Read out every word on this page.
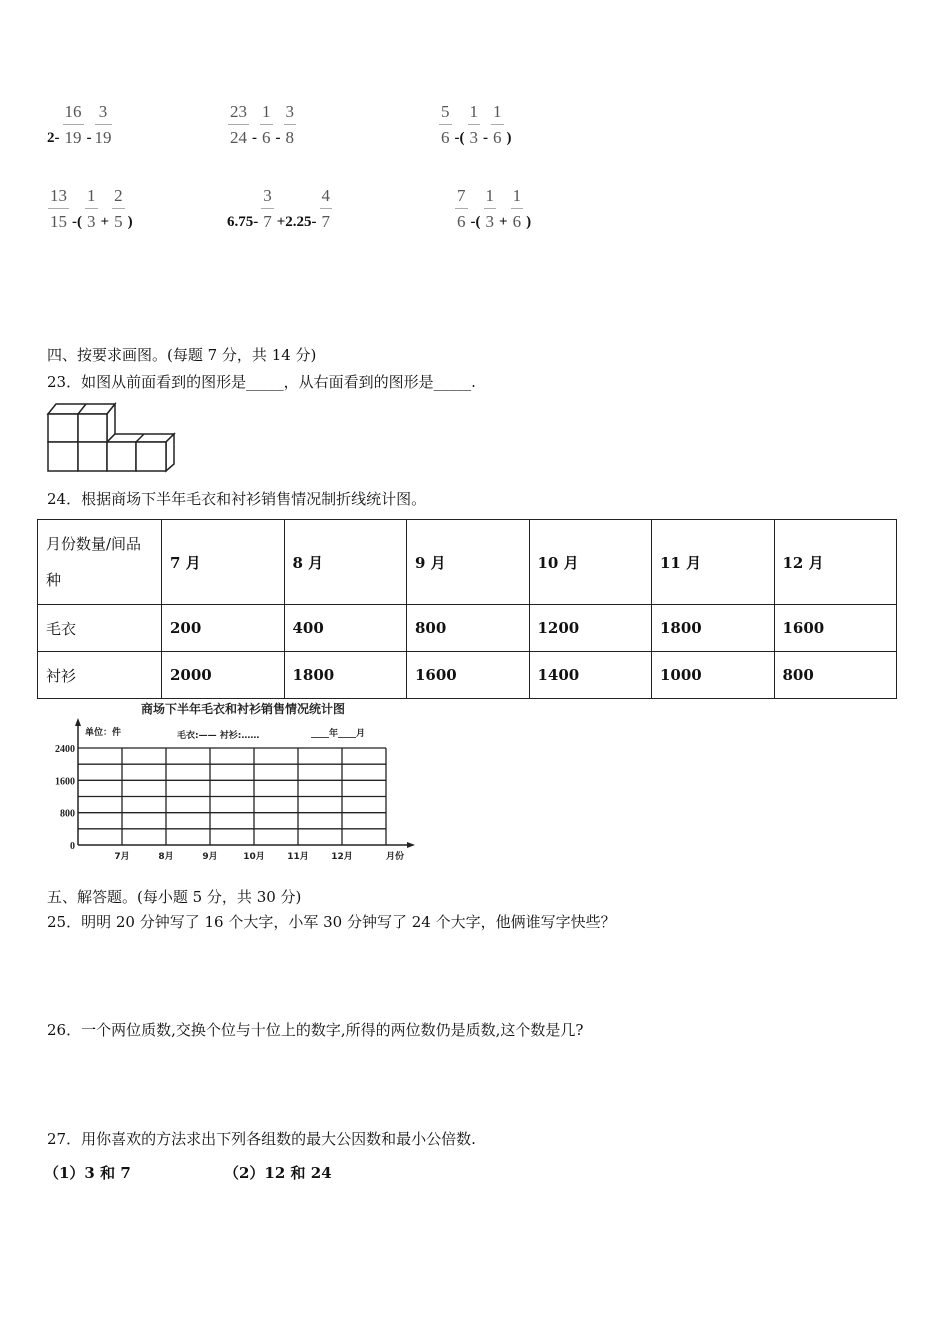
$2- \frac{16}{19} - \frac{3}{19}$	$\frac{23}{24} - \frac{1}{6} - \frac{3}{8}$	$\frac{5}{6}$ -( $\frac{1}{3} - \frac{1}{6}$ )
$\frac{13}{15}$ -( $\frac{1}{3} + \frac{2}{5}$ )	$6.75- \frac{3}{7} +2.25- \frac{4}{7}$	$\frac{7}{6}$ -( $\frac{1}{3} + \frac{1}{6}$ )
四、按要求画图。(每题 7 分，共 14 分)
23．如图从前面看到的图形是_____，从右面看到的图形是_____.
24．根据商场下半年毛衣和衬衫销售情况制折线统计图。
月份数量/间品种	7 月	8 月	9 月	10 月	11 月	12 月
毛衣	200	400	800	1200	1800	1600
衬衫	2000	1800	1600	1400	1000	800
商场下半年毛衣和衬衫销售情况统计图
单位：件	毛衣:—— 衬衫:……	____年____月
2400
1600
800
0
7月	8月	9月	10月 11月 12月	月份
五、解答题。(每小题 5 分，共 30 分)
25．明明 20 分钟写了 16 个大字，小军 30 分钟写了 24 个大字，他俩谁写字快些？
26．一个两位质数,交换个位与十位上的数字,所得的两位数仍是质数,这个数是几?
27．用你喜欢的方法求出下列各组数的最大公因数和最小公倍数.
（1）3 和 7	（2）12 和 24
